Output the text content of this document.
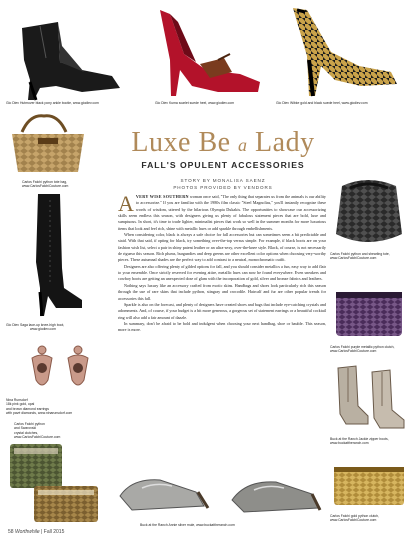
Gio Diev Hutmover black pony ankle bootie, www.giodiev.com	Gio Diev Kuma scarlet suede heel, www.giodiev.com	Gio Diev Wibke gold and black suede heel, www.giodiev.com
Carlos Falchi python tote bag,
www.CarlosFalchiCouture.com
Gio Diev Saga lace-up knee-high boot,
www.giodiev.com
Nina Runsdorf
18k pink gold, opal
and brown diamond earrings
with pavé diamonds, www.ninarunsdorf.com
Carlos Falchi python
and Swarovski
crystal clutches,
www.CarlosFalchiCouture.com
Luxe Be a Lady
FALL'S OPULENT ACCESSORIES
STORY BY MONALISA SAENZ
PHOTOS PROVIDED BY VENDORS

AVERY WISE SOUTHERN woman once said, "The only thing that separates us from the animals is our ability to accessorize." If you are familiar with the 1980s film classic "Steel Magnolias," you'll instantly recognize these words of wisdom, uttered by the hilarious Olympia Dukakis. The opportunities to showcase our accessorizing skills seem endless this season, with designers giving us plenty of fabulous statement pieces that are bold, luxe and sumptuous. In short, it's time to trade lighter, minimalist pieces that work so well in the summer months for more luxurious items that look and feel rich, shine with metallic hues or add sparkle through embellishments.

When considering color, black is always a safe choice for fall accessories but can sometimes seem a bit predictable and staid. With that said, if opting for black, try something over-the-top versus simple. For example, if black boots are on your fashion wish list, select a pair in shiny patent leather or an ultra-sexy, over-the-knee style. Black, of course, is not necessarily de rigueur this season. Rich plums, burgundies and deep greens are other excellent color options when choosing very-worthy pieces. These autumnal shades are the perfect way to add contrast to a neutral, monochromatic outfit.

Designers are also offering plenty of gilded options for fall, and you should consider metallics a fun, easy way to add flair to your ensemble. Once strictly reserved for evening attire, metallic hues can now be found everywhere. Even sneakers and cowboy boots are getting an unexpected dose of glam with the incorporation of gold, silver and bronze fabrics and leathers.

Nothing says luxury like an accessory crafted from exotic skins. Handbags and shoes look particularly rich this season through the use of rare skins that include python, stingray and crocodile. Haircalf and fur are other popular trends for accessories this fall.

Sparkle is also on the forecast, and plenty of designers have created shoes and bags that include eye-catching crystals and adornments. And, of course, if your budget is a bit more generous, a gorgeous set of statement earrings or a beautiful cocktail ring will also add a fair amount of dazzle.

In summary, don't be afraid to be bold and indulgent when choosing your next handbag, shoe or bauble. This season, more is more.

Carlos Falchi python and shearling tote,
www.CarlosFalchiCouture.com
Carlos Falchi purple metallic python clutch,
www.CarlosFalchiCouture.com
Buck at the Ranch Jackie zipper boots,
www.buckattheranch.com
Carlos Falchi gold python clutch,
www.CarlosFalchiCouture.com
Buck at the Ranch Annie silver mule, www.buckattheranch.com
58 Worthwhile | Fall 2015
